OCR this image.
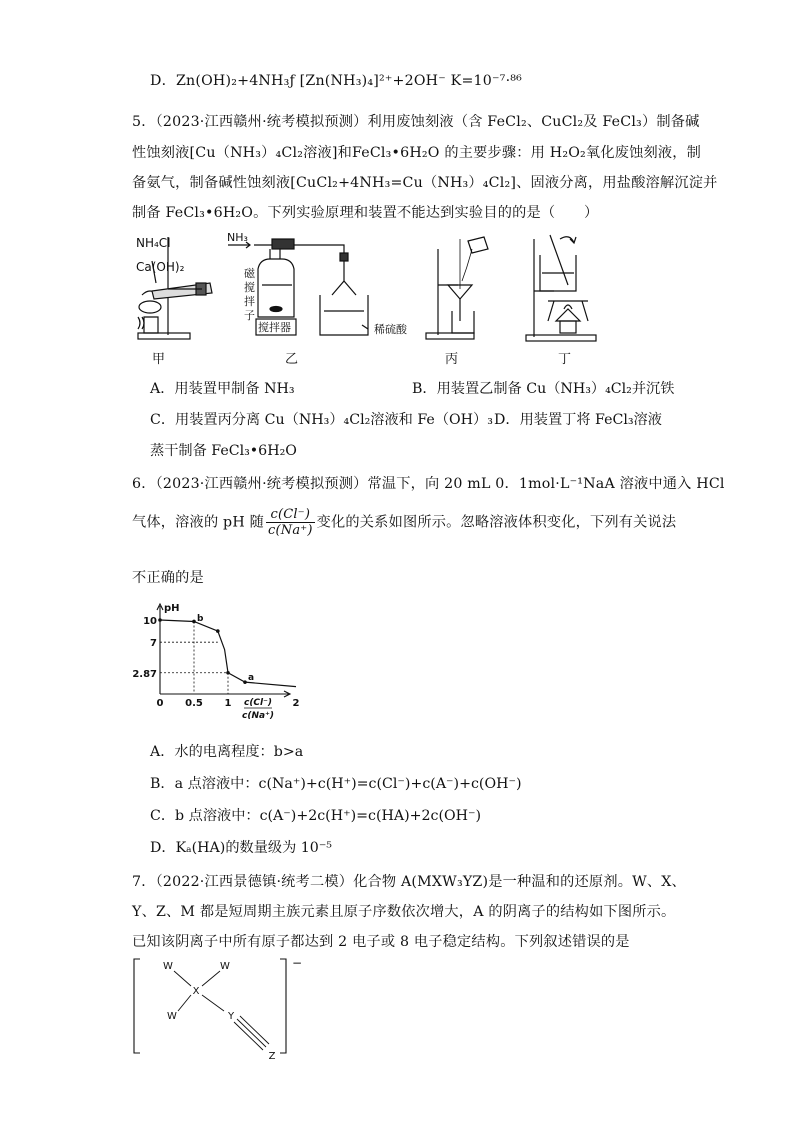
D．Zn(OH)₂+4NH₃ƒ [Zn(NH₃)₄]²⁺+2OH⁻ K=10⁻⁷·⁸⁶
5．（2023·江西赣州·统考模拟预测）利用废蚀刻液（含 FeCl₂、CuCl₂及 FeCl₃）制备碱
性蚀刻液[Cu（NH₃）₄Cl₂溶液]和FeCl₃•6H₂O 的主要步骤：用 H₂O₂氧化废蚀刻液，制
备氨气，制备碱性蚀刻液[CuCl₂+4NH₃=Cu（NH₃）₄Cl₂]、固液分离，用盐酸溶解沉淀并
制备 FeCl₃•6H₂O。下列实验原理和装置不能达到实验目的的是（　　）
NH₄Cl
Ca(OH)₂
甲
NH₃
磁
搅
拌
子
搅拌器	稀硫酸
乙	丙	丁
A．用装置甲制备 NH₃	B．用装置乙制备 Cu（NH₃）₄Cl₂并沉铁
C．用装置丙分离 Cu（NH₃）₄Cl₂溶液和 Fe（OH）₃ D．用装置丁将 FeCl₃溶液
蒸干制备 FeCl₃•6H₂O
6．（2023·江西赣州·统考模拟预测）常温下，向 20 mL 0．1mol·L⁻¹NaA 溶液中通入 HCl
气体，溶液的 pH 随 $\frac{c(Cl^-)}{c(Na^+)}$ 变化的关系如图所示。忽略溶液体积变化，下列有关说法
不正确的是
pH
0 0.5 1	2
10
7
2.87
b
a
c(Cl⁻)
c(Na⁺)
A．水的电离程度：b>a
B．a 点溶液中：c(Na⁺)+c(H⁺)=c(Cl⁻)+c(A⁻)+c(OH⁻)
C．b 点溶液中：c(A⁻)+2c(H⁺)=c(HA)+2c(OH⁻)
D．Kₐ(HA)的数量级为 10⁻⁵
7．（2022·江西景德镇·统考二模）化合物 A(MXW₃YZ)是一种温和的还原剂。W、X、
Y、Z、M 都是短周期主族元素且原子序数依次增大，A 的阴离子的结构如下图所示。
已知该阴离子中所有原子都达到 2 电子或 8 电子稳定结构。下列叙述错误的是
−
W	W
W
X
Y
Z
